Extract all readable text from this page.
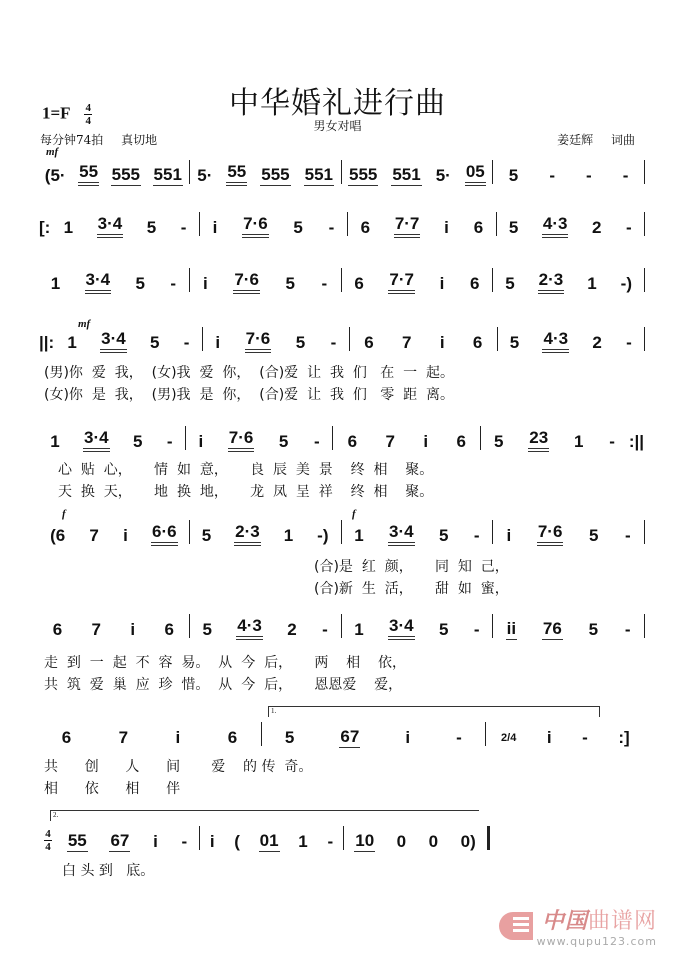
中华婚礼进行曲
男女对唱
$1=F \frac{4}{4}$
每分钟74拍 真切地	姜廷辉 词曲
mf
(5· 55 555 551 5· 55 555 551 555 551 5· 05 5 - - -
[: 1 3·4 5 - i 7·6 5 - 6 7·7 i 6 5 4·3 2 -
1 3·4 5 - i 7·6 5 - 6 7·7 i 6 5 2·3 1 -)
mf
||: 1 3·4 5 - i 7·6 5 - 6 7 i 6 5 4·3 2 -
(男)你  爱  我，  (女)我  爱  你，  (合)爱  让  我  们   在  一  起。
(女)你  是  我，  (男)我  是  你，  (合)爱  让  我  们   零  距  离。
1 3·4 5 - i 7·6 5 - 6 7 i 6 5 23 1 - :||
心  贴  心，     情  如  意，     良  辰  美  景    终  相    聚。
天  换  天，     地  换  地，     龙  凤  呈  祥    终  相    聚。
f	f
(6 7 i 6·6 5 2·3 1 -) 1 3·4 5 - i 7·6 5 -
(合)是  红  颜，     同  知  己，
(合)新  生  活，     甜  如  蜜，
6 7 i 6 5 4·3 2 - 1 3·4 5 - ii 76 5 -
走  到  一  起  不  容  易。  从  今  后，     两    相    依，
共  筑  爱  巢  应  珍  惜。  从  今  后，     恩恩爱    爱，
1.
6	7	i	6	5	67	i	-	2/4 i - :]
共      创      人      间       爱    的 传  奇。
相      依      相      伴
2.
4
4 55 67 i - i ( 01 1 - 10 0 0 0)
白 头 到   底。
中国曲谱网
www.qupu123.com
